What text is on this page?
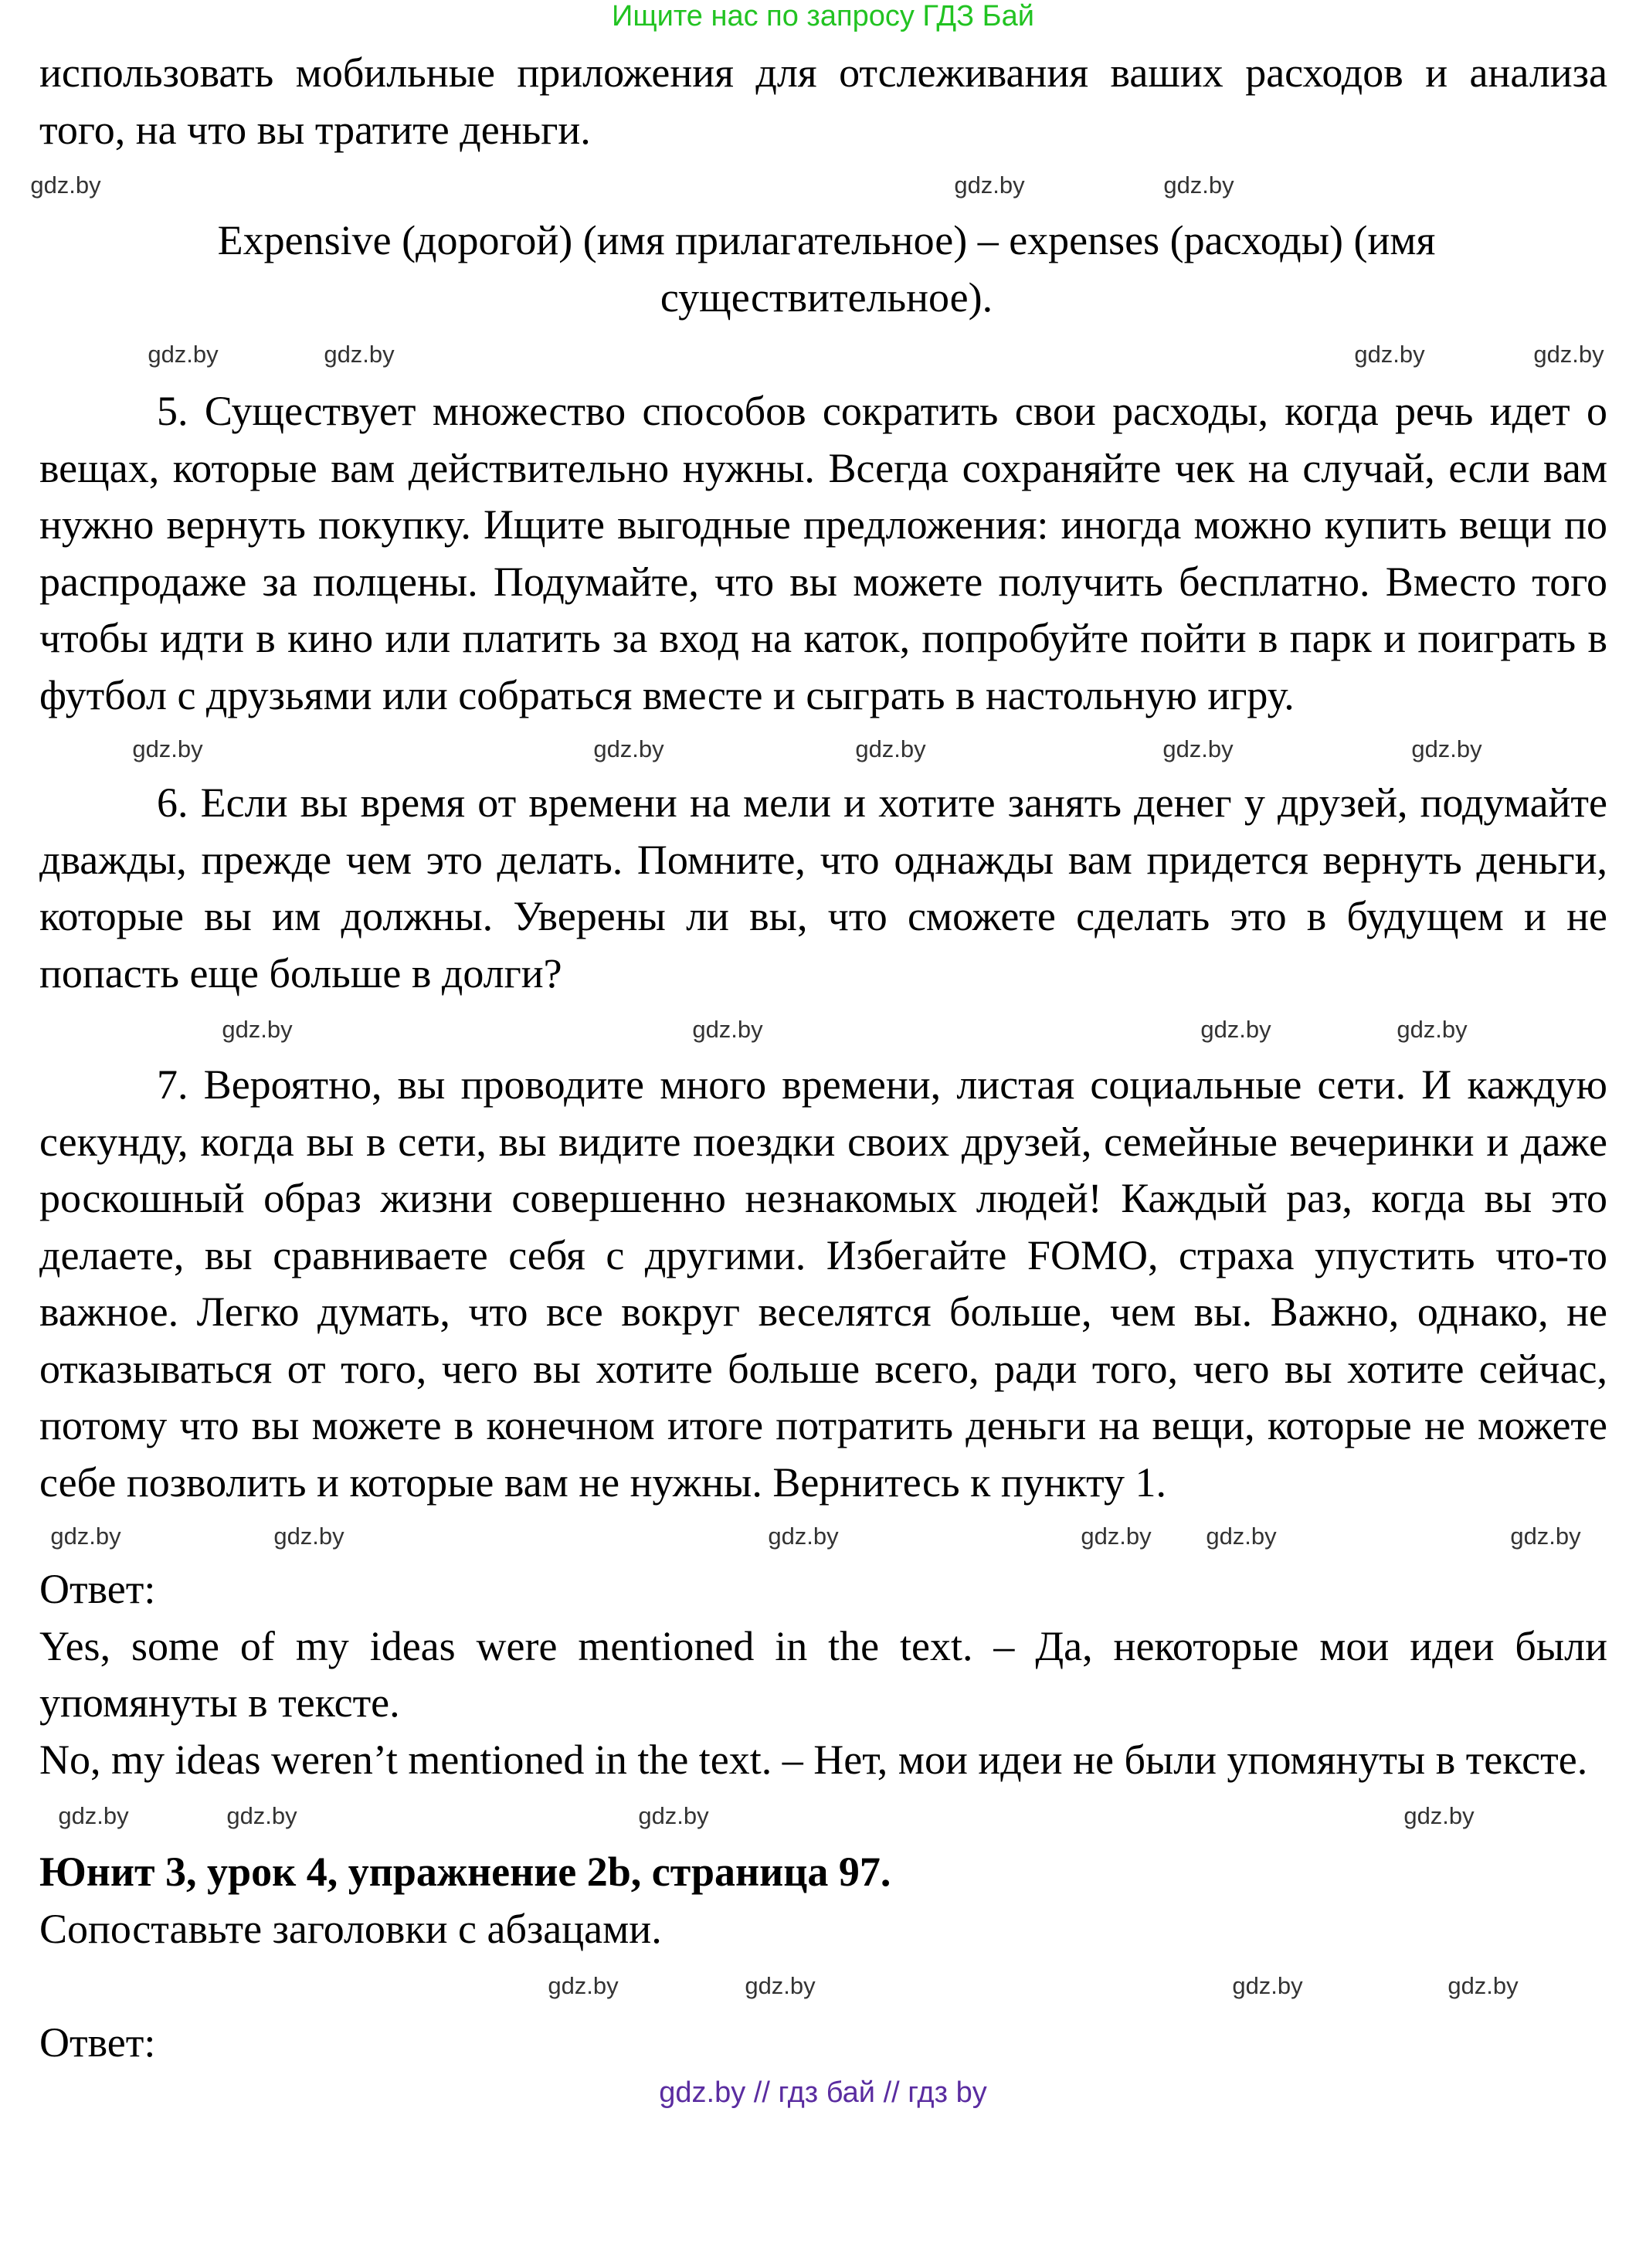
Ищите нас по запросу ГДЗ Бай

использовать мобильные приложения для отслеживания ваших расходов и анализа того, на что вы тратите деньги.

gdz.by	gdz.by
gdz.by

Expensive (дорогой) (имя прилагательное) – expenses (расходы) (имя существительное).

gdz.by	gdz.by	gdz.by	gdz.by

5. Существует множество способов сократить свои расходы, когда речь идет о вещах, которые вам действительно нужны. Всегда сохраняйте чек на случай, если вам нужно вернуть покупку. Ищите выгодные предложения: иногда можно купить вещи по распродаже за полцены. Подумайте, что вы можете получить бесплатно. Вместо того чтобы идти в кино или платить за вход на каток, попробуйте пойти в парк и поиграть в футбол с друзьями или собраться вместе и сыграть в настольную игру.

gdz.by	gdz.by	gdz.by	gdz.by	gdz.by

6. Если вы время от времени на мели и хотите занять денег у друзей, подумайте дважды, прежде чем это делать. Помните, что однажды вам придется вернуть деньги, которые вы им должны. Уверены ли вы, что сможете сделать это в будущем и не попасть еще больше в долги?

gdz.by	gdz.by	gdz.by	gdz.by

7. Вероятно, вы проводите много времени, листая социальные сети. И каждую секунду, когда вы в сети, вы видите поездки своих друзей, семейные вечеринки и даже роскошный образ жизни совершенно незнакомых людей! Каждый раз, когда вы это делаете, вы сравниваете себя с другими. Избегайте FOMO, страха упустить что-то важное. Легко думать, что все вокруг веселятся больше, чем вы. Важно, однако, не отказываться от того, чего вы хотите больше всего, ради того, чего вы хотите сейчас, потому что вы можете в конечном итоге потратить деньги на вещи, которые не можете себе позволить и которые вам не нужны. Вернитесь к пункту 1.

gdz.by	gdz.by	gdz.by	gdz.by gdz.by	gdz.by
Ответ:

Yes, some of my ideas were mentioned in the text. – Да, некоторые мои идеи были упомянуты в тексте.

No, my ideas weren’t mentioned in the text. – Нет, мои идеи не были упомянуты в тексте.

gdz.by	gdz.by	gdz.by	gdz.by
Юнит 3, урок 4, упражнение 2b, страница 97.
Сопоставьте заголовки с абзацами.
gdz.by	gdz.by	gdz.by	gdz.by
Ответ:
gdz.by // гдз бай // гдз by
